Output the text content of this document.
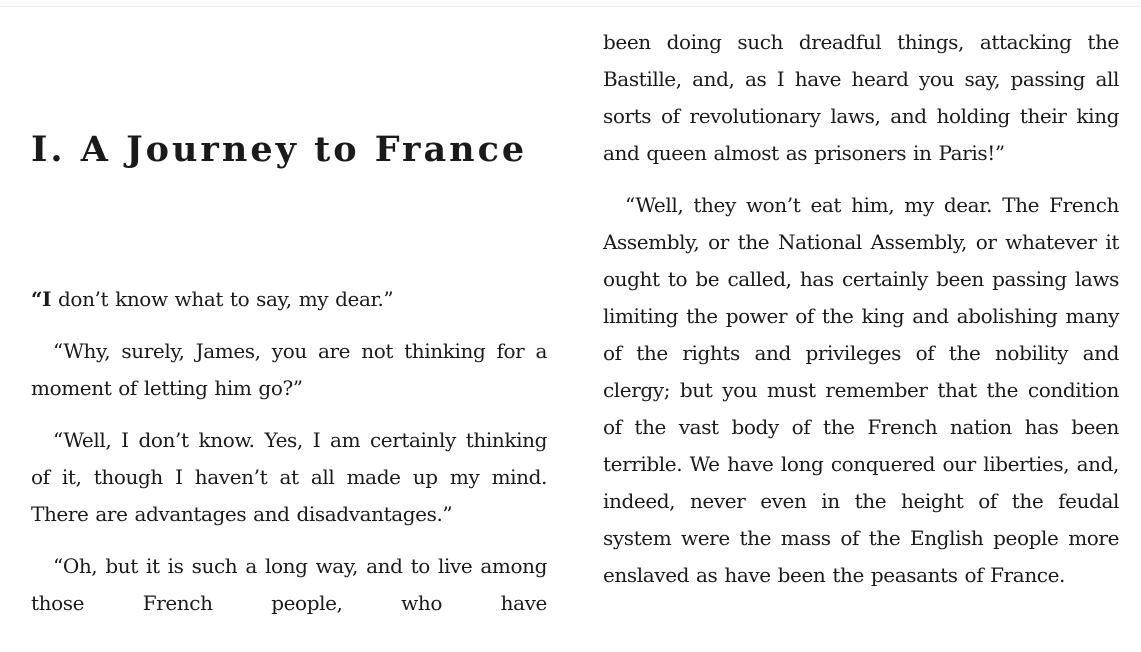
I. A Journey to France

“I don’t know what to say, my dear.”

“Why, surely, James, you are not thinking for a moment of letting him go?”

“Well, I don’t know. Yes, I am certainly thinking of it, though I haven’t at all made up my mind. There are advantages and disadvantages.”

“Oh, but it is such a long way, and to live among those French people, who have

been doing such dreadful things, attacking the Bastille, and, as I have heard you say, passing all sorts of revolutionary laws, and holding their king and queen almost as prisoners in Paris!”

“Well, they won’t eat him, my dear. The French Assembly, or the National Assembly, or whatever it ought to be called, has certainly been passing laws limiting the power of the king and abolishing many of the rights and privileges of the nobility and clergy; but you must remember that the condition of the vast body of the French nation has been terrible. We have long conquered our liberties, and, indeed, never even in the height of the feudal system were the mass of the English people more enslaved as have been the peasants of France.
